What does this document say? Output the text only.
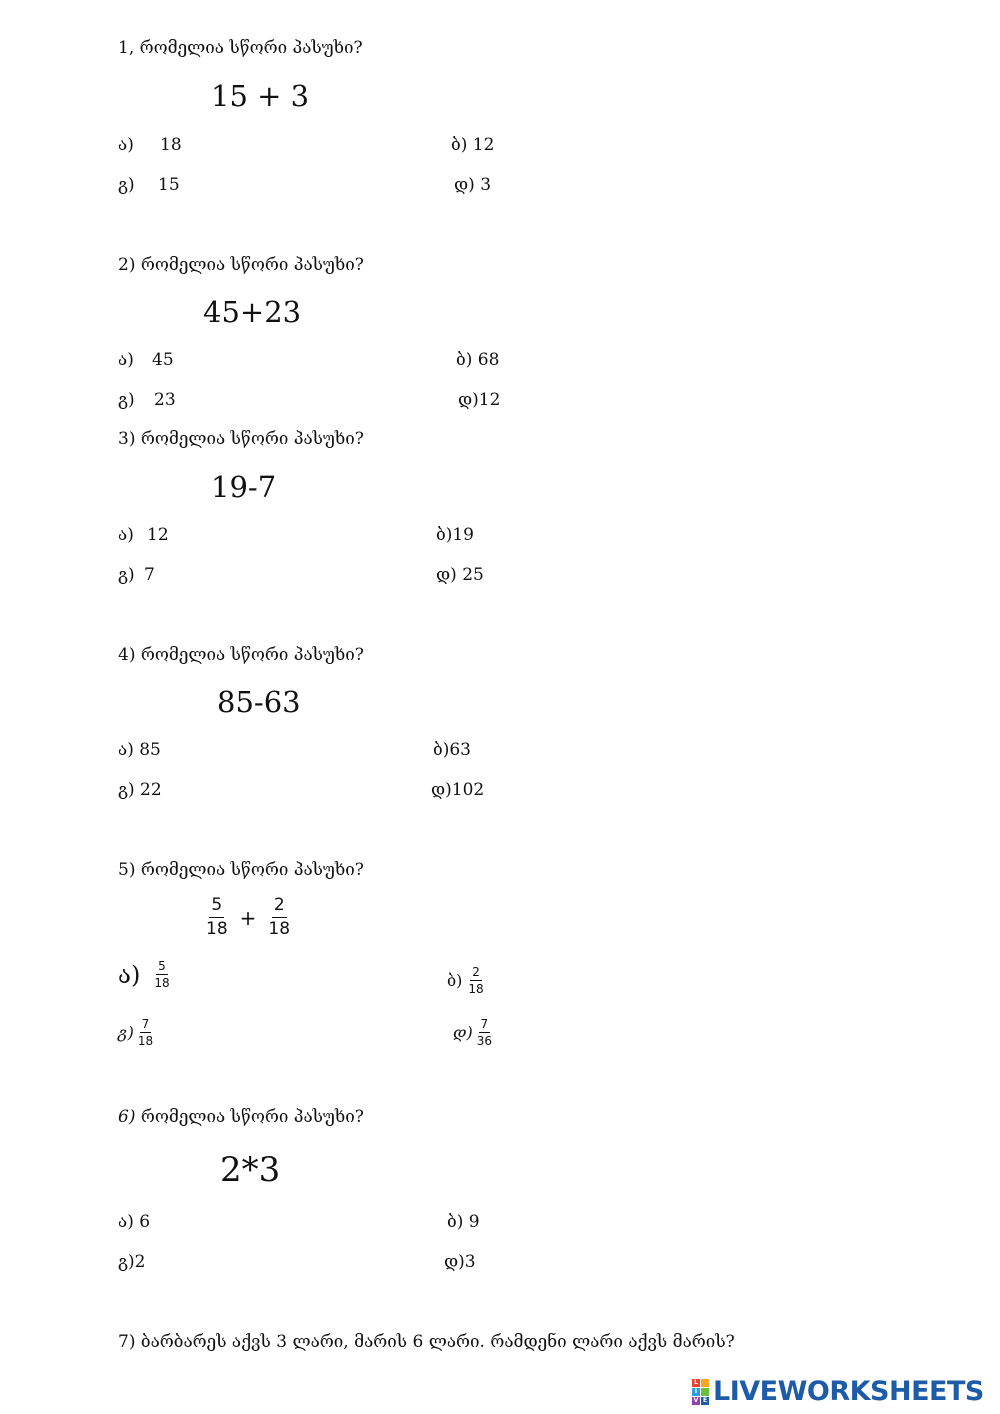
1, რომელია სწორი პასუხი?
15 + 3
ა) 18	ბ) 12
გ) 15	დ) 3
2) რომელია სწორი პასუხი?
45+23
ა) 45	ბ) 68
გ) 23	დ)12
3) რომელია სწორი პასუხი?
19-7
ა) 12	ბ)19
გ) 7	დ) 25
4) რომელია სწორი პასუხი?
85-63
ა) 85	ბ)63
გ) 22	დ)102
5) რომელია სწორი პასუხი?
$\frac{5}{18} + \frac{2}{18}$
ა) $\frac{5}{18}$	ბ) $\frac{2}{18}$
გ) $\frac{7}{18}$	დ) $\frac{7}{36}$
6) რომელია სწორი პასუხი?
2*3
ა) 6	ბ) 9
გ)2	დ)3
7) ბარბარეს აქვს 3 ლარი, მარის 6 ლარი. რამდენი ლარი აქვს მარის?
L
I
V E LIVEWORKSHEETS
